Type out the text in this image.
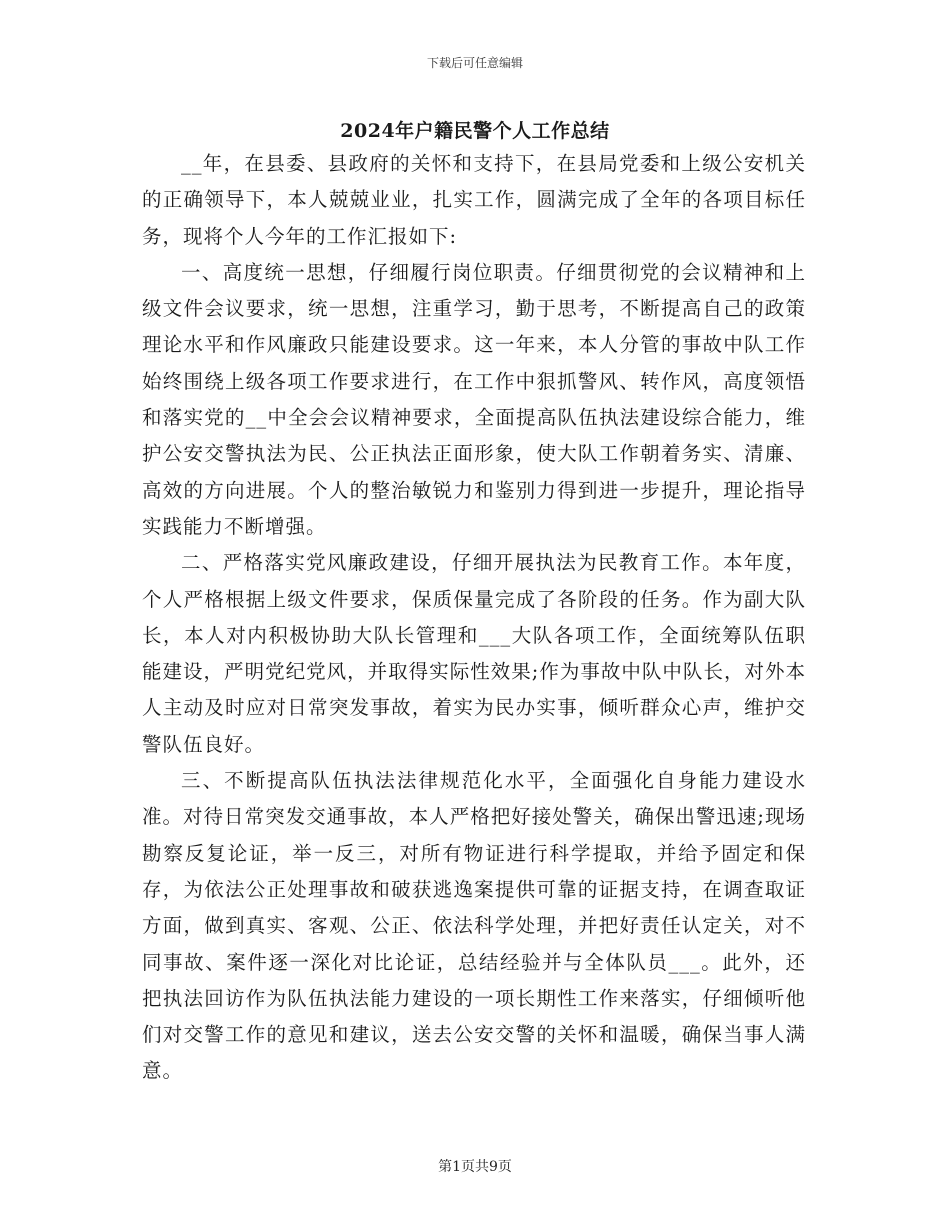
下载后可任意编辑
2024年户籍民警个人工作总结

__年，在县委、县政府的关怀和支持下，在县局党委和上级公安机关的正确领导下，本人兢兢业业，扎实工作，圆满完成了全年的各项目标任务，现将个人今年的工作汇报如下:

一、高度统一思想，仔细履行岗位职责。仔细贯彻党的会议精神和上级文件会议要求，统一思想，注重学习，勤于思考，不断提高自己的政策理论水平和作风廉政只能建设要求。这一年来，本人分管的事故中队工作始终围绕上级各项工作要求进行，在工作中狠抓警风、转作风，高度领悟和落实党的__中全会会议精神要求，全面提高队伍执法建设综合能力，维护公安交警执法为民、公正执法正面形象，使大队工作朝着务实、清廉、高效的方向进展。个人的整治敏锐力和鉴别力得到进一步提升，理论指导实践能力不断增强。

二、严格落实党风廉政建设，仔细开展执法为民教育工作。本年度，个人严格根据上级文件要求，保质保量完成了各阶段的任务。作为副大队长，本人对内积极协助大队长管理和___大队各项工作，全面统筹队伍职能建设，严明党纪党风，并取得实际性效果;作为事故中队中队长，对外本人主动及时应对日常突发事故，着实为民办实事，倾听群众心声，维护交警队伍良好。

三、不断提高队伍执法法律规范化水平，全面强化自身能力建设水准。对待日常突发交通事故，本人严格把好接处警关，确保出警迅速;现场勘察反复论证，举一反三，对所有物证进行科学提取，并给予固定和保存，为依法公正处理事故和破获逃逸案提供可靠的证据支持，在调查取证方面，做到真实、客观、公正、依法科学处理，并把好责任认定关，对不同事故、案件逐一深化对比论证，总结经验并与全体队员___。此外，还把执法回访作为队伍执法能力建设的一项长期性工作来落实，仔细倾听他们对交警工作的意见和建议，送去公安交警的关怀和温暖，确保当事人满意。

第1页共9页
